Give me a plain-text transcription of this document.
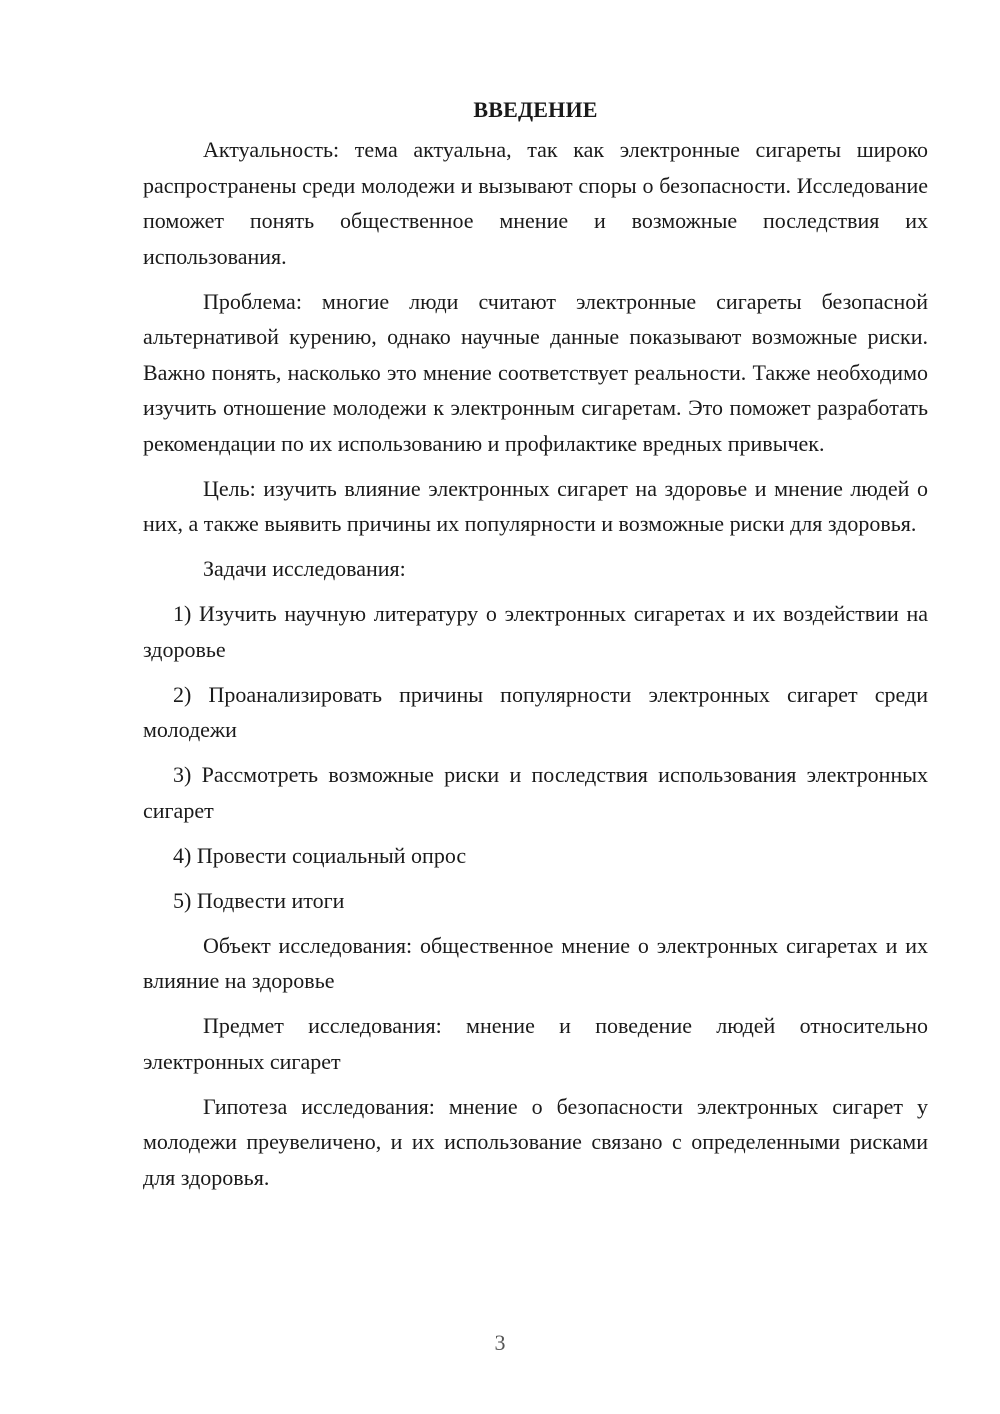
ВВЕДЕНИЕ

Актуальность: тема актуальна, так как электронные сигареты широко распространены среди молодежи и вызывают споры о безопасности. Исследование поможет понять общественное мнение и возможные последствия их использования.

Проблема: многие люди считают электронные сигареты безопасной альтернативой курению, однако научные данные показывают возможные риски. Важно понять, насколько это мнение соответствует реальности. Также необходимо изучить отношение молодежи к электронным сигаретам. Это поможет разработать рекомендации по их использованию и профилактике вредных привычек.

Цель: изучить влияние электронных сигарет на здоровье и мнение людей о них, а также выявить причины их популярности и возможные риски для здоровья.

Задачи исследования:

1) Изучить научную литературу о электронных сигаретах и их воздействии на здоровье

2) Проанализировать причины популярности электронных сигарет среди молодежи

3) Рассмотреть возможные риски и последствия использования электронных сигарет

4) Провести социальный опрос

5) Подвести итоги

Объект исследования: общественное мнение о электронных сигаретах и их влияние на здоровье

Предмет исследования: мнение и поведение людей относительно электронных сигарет

Гипотеза исследования: мнение о безопасности электронных сигарет у молодежи преувеличено, и их использование связано с определенными рисками для здоровья.

3
